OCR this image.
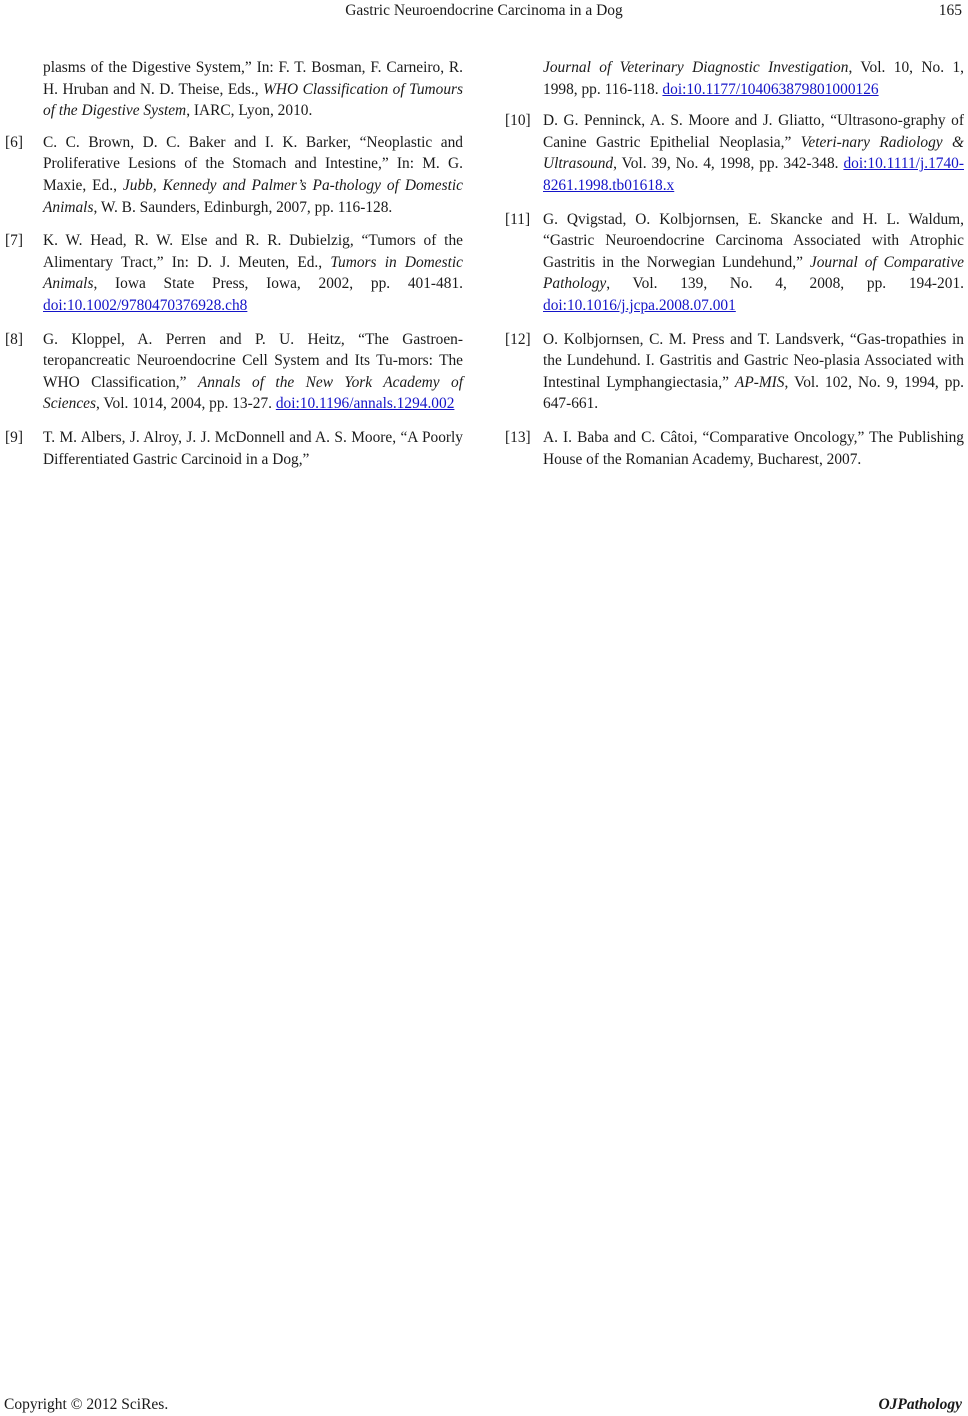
Gastric Neuroendocrine Carcinoma in a Dog	165
plasms of the Digestive System,” In: F. T. Bosman, F. Carneiro, R. H. Hruban and N. D. Theise, Eds., WHO Classification of Tumours of the Digestive System, IARC, Lyon, 2010.
[6] C. C. Brown, D. C. Baker and I. K. Barker, “Neoplastic and Proliferative Lesions of the Stomach and Intestine,” In: M. G. Maxie, Ed., Jubb, Kennedy and Palmer’s Pa-thology of Domestic Animals, W. B. Saunders, Edinburgh, 2007, pp. 116-128.
[7] K. W. Head, R. W. Else and R. R. Dubielzig, “Tumors of the Alimentary Tract,” In: D. J. Meuten, Ed., Tumors in Domestic Animals, Iowa State Press, Iowa, 2002, pp. 401-481. doi:10.1002/9780470376928.ch8
[8] G. Kloppel, A. Perren and P. U. Heitz, “The Gastroen-teropancreatic Neuroendocrine Cell System and Its Tu-mors: The WHO Classification,” Annals of the New York Academy of Sciences, Vol. 1014, 2004, pp. 13-27. doi:10.1196/annals.1294.002
[9] T. M. Albers, J. Alroy, J. J. McDonnell and A. S. Moore, “A Poorly Differentiated Gastric Carcinoid in a Dog,”
Journal of Veterinary Diagnostic Investigation, Vol. 10, No. 1, 1998, pp. 116-118. doi:10.1177/104063879801000126
[10] D. G. Penninck, A. S. Moore and J. Gliatto, “Ultrasono-graphy of Canine Gastric Epithelial Neoplasia,” Veteri-nary Radiology & Ultrasound, Vol. 39, No. 4, 1998, pp. 342-348. doi:10.1111/j.1740-8261.1998.tb01618.x
[11] G. Qvigstad, O. Kolbjornsen, E. Skancke and H. L. Waldum, “Gastric Neuroendocrine Carcinoma Associated with Atrophic Gastritis in the Norwegian Lundehund,” Journal of Comparative Pathology, Vol. 139, No. 4, 2008, pp. 194-201. doi:10.1016/j.jcpa.2008.07.001
[12] O. Kolbjornsen, C. M. Press and T. Landsverk, “Gas-tropathies in the Lundehund. I. Gastritis and Gastric Neo-plasia Associated with Intestinal Lymphangiectasia,” AP-MIS, Vol. 102, No. 9, 1994, pp. 647-661.
[13] A. I. Baba and C. Câtoi, “Comparative Oncology,” The Publishing House of the Romanian Academy, Bucharest, 2007.
Copyright © 2012 SciRes.	OJPathology
